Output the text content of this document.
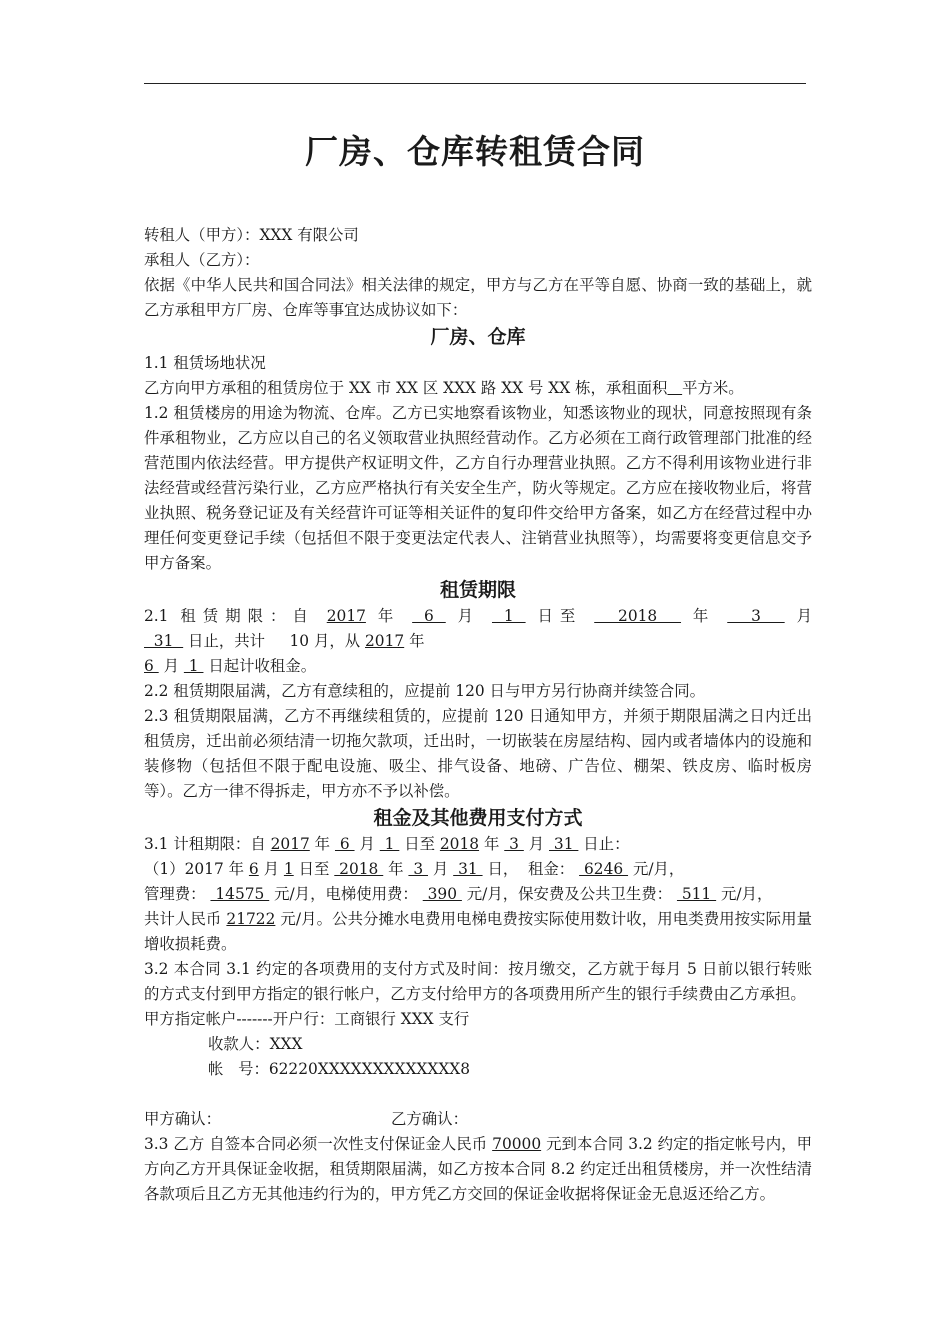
厂房、仓库转租赁合同

转租人（甲方）：XXX 有限公司

承租人（乙方）：

依据《中华人民共和国合同法》相关法律的规定，甲方与乙方在平等自愿、协商一致的基础上，就乙方承租甲方厂房、仓库等事宜达成协议如下：

厂房、仓库

1.1 租赁场地状况

乙方向甲方承租的租赁房位于 XX 市 XX 区 XXX 路 XX 号 XX 栋，承租面积 平方米。

1.2 租赁楼房的用途为物流、仓库。乙方已实地察看该物业，知悉该物业的现状，同意按照现有条件承租物业，乙方应以自己的名义领取营业执照经营动作。乙方必须在工商行政管理部门批准的经营范围内依法经营。甲方提供产权证明文件，乙方自行办理营业执照。乙方不得利用该物业进行非法经营或经营污染行业，乙方应严格执行有关安全生产，防火等规定。乙方应在接收物业后，将营业执照、税务登记证及有关经营许可证等相关证件的复印件交给甲方备案，如乙方在经营过程中办理任何变更登记手续（包括但不限于变更法定代表人、注销营业执照等），均需要将变更信息交予甲方备案。

租赁期限

2.1 租赁期限：自 2017 年  6  月  1  日至   2018   年   3   月   31   日止，共计     10 月，从 2017 年
6  月  1  日起计收租金。

2.2 租赁期限届满，乙方有意续租的，应提前 120 日与甲方另行协商并续签合同。

2.3 租赁期限届满，乙方不再继续租赁的，应提前 120 日通知甲方，并须于期限届满之日内迁出租赁房，迁出前必须结清一切拖欠款项，迁出时，一切嵌装在房屋结构、园内或者墙体内的设施和装修物（包括但不限于配电设施、吸尘、排气设备、地磅、广告位、棚架、铁皮房、临时板房等）。乙方一律不得拆走，甲方亦不予以补偿。

租金及其他费用支付方式

3.1 计租期限：自 2017 年  6  月  1  日至 2018 年  3  月  31  日止：

（1）2017 年 6 月 1 日至  2018  年  3  月  31  日，  租金：  6246  元/月，

管理费：  14575  元/月，电梯使用费：  390  元/月，保安费及公共卫生费：  511  元/月，

共计人民币 21722 元/月。公共分摊水电费用电梯电费按实际使用数计收，用电类费用按实际用量增收损耗费。

3.2 本合同 3.1 约定的各项费用的支付方式及时间：按月缴交，乙方就于每月 5 日前以银行转账的方式支付到甲方指定的银行帐户，乙方支付给甲方的各项费用所产生的银行手续费由乙方承担。

甲方指定帐户-------开户行：工商银行 XXX 支行

收款人：XXX

帐   号：62220XXXXXXXXXXXXX8

甲方确认：	乙方确认：

3.3 乙方 自签本合同必须一次性支付保证金人民币 70000 元到本合同 3.2 约定的指定帐号内，甲方向乙方开具保证金收据，租赁期限届满，如乙方按本合同 8.2 约定迁出租赁楼房，并一次性结清各款项后且乙方无其他违约行为的，甲方凭乙方交回的保证金收据将保证金无息返还给乙方。
